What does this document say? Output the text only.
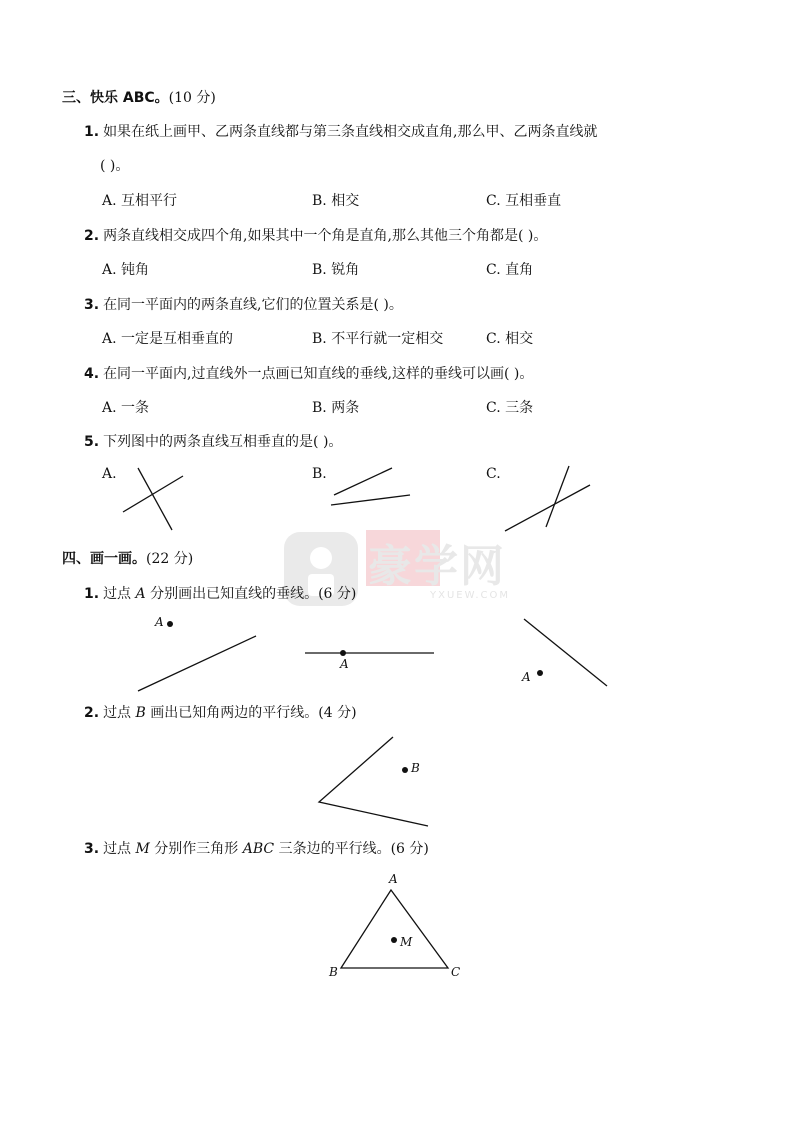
三、快乐 ABC。(10 分)
1. 如果在纸上画甲、乙两条直线都与第三条直线相交成直角,那么甲、乙两条直线就
( )。
A. 互相平行	B. 相交	C. 互相垂直
2. 两条直线相交成四个角,如果其中一个角是直角,那么其他三个角都是( )。
A. 钝角	B. 锐角	C. 直角
3. 在同一平面内的两条直线,它们的位置关系是( )。
A. 一定是互相垂直的	B. 不平行就一定相交	C. 相交
4. 在同一平面内,过直线外一点画已知直线的垂线,这样的垂线可以画( )。
A. 一条	B. 两条	C. 三条
5. 下列图中的两条直线互相垂直的是( )。
A.	B.	C.
豪学网
YXUEW.COM
四、画一画。(22 分)
1. 过点 A 分别画出已知直线的垂线。(6 分)
A
A
A
2. 过点 B 画出已知角两边的平行线。(4 分)
B
3. 过点 M 分别作三角形 ABC 三条边的平行线。(6 分)
A
B	C
M
